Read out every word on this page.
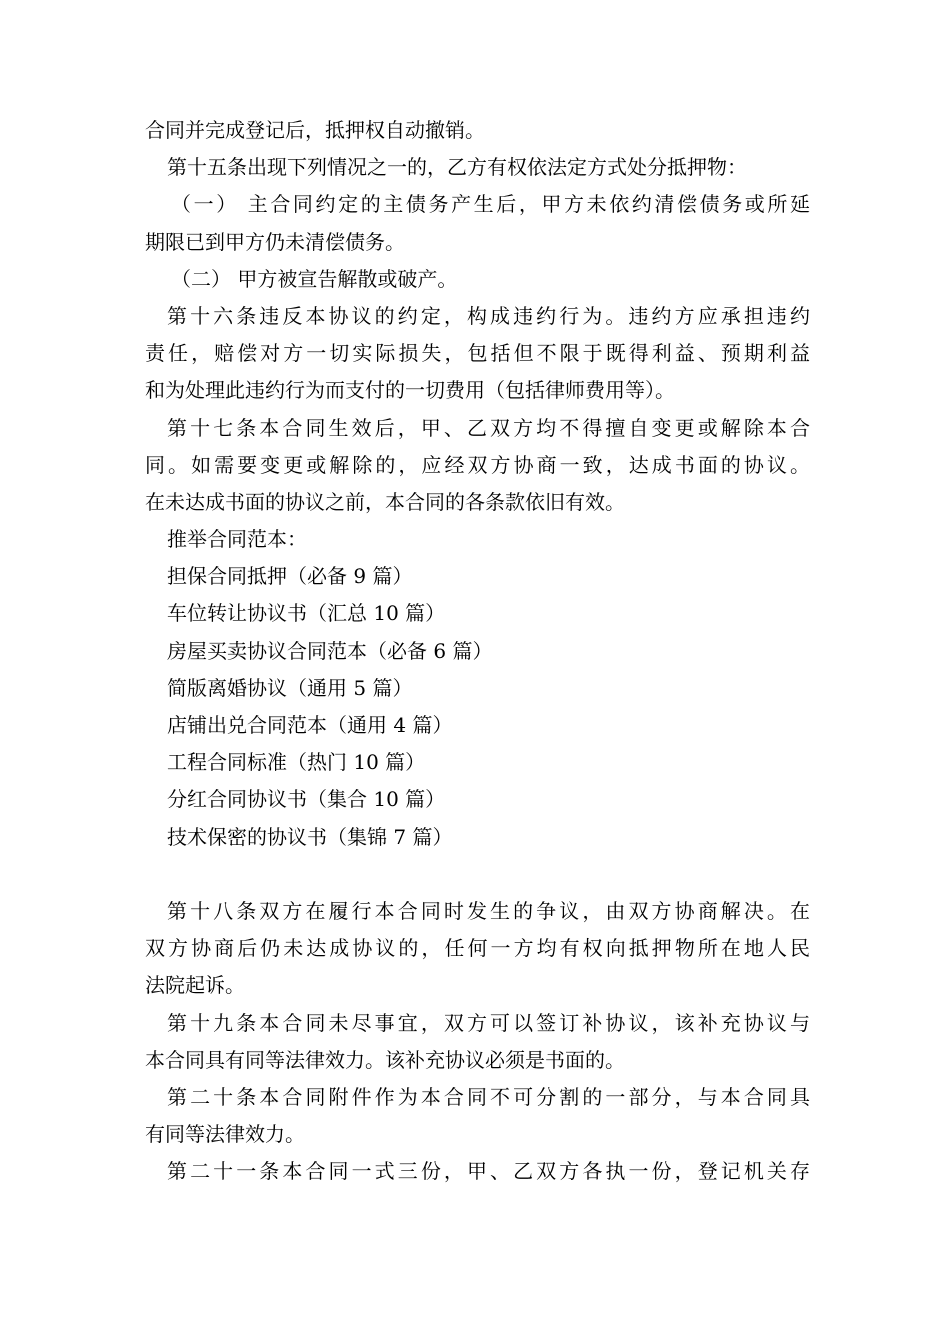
合同并完成登记后，抵押权自动撤销。
第十五条出现下列情况之一的，乙方有权依法定方式处分抵押物：
（一） 主合同约定的主债务产生后，甲方未依约清偿债务或所延
期限已到甲方仍未清偿债务。
（二） 甲方被宣告解散或破产。
第十六条违反本协议的约定，构成违约行为。违约方应承担违约
责任，赔偿对方一切实际损失，包括但不限于既得利益、预期利益
和为处理此违约行为而支付的一切费用（包括律师费用等）。
第十七条本合同生效后，甲、乙双方均不得擅自变更或解除本合
同。如需要变更或解除的，应经双方协商一致，达成书面的协议。
在未达成书面的协议之前，本合同的各条款依旧有效。
推举合同范本：
担保合同抵押（必备 9 篇）
车位转让协议书（汇总 10 篇）
房屋买卖协议合同范本（必备 6 篇）
简版离婚协议（通用 5 篇）
店铺出兑合同范本（通用 4 篇）
工程合同标准（热门 10 篇）
分红合同协议书（集合 10 篇）
技术保密的协议书（集锦 7 篇）
第十八条双方在履行本合同时发生的争议，由双方协商解决。在
双方协商后仍未达成协议的，任何一方均有权向抵押物所在地人民
法院起诉。
第十九条本合同未尽事宜，双方可以签订补协议，该补充协议与
本合同具有同等法律效力。该补充协议必须是书面的。
第二十条本合同附件作为本合同不可分割的一部分，与本合同具
有同等法律效力。
第二十一条本合同一式三份，甲、乙双方各执一份，登记机关存
